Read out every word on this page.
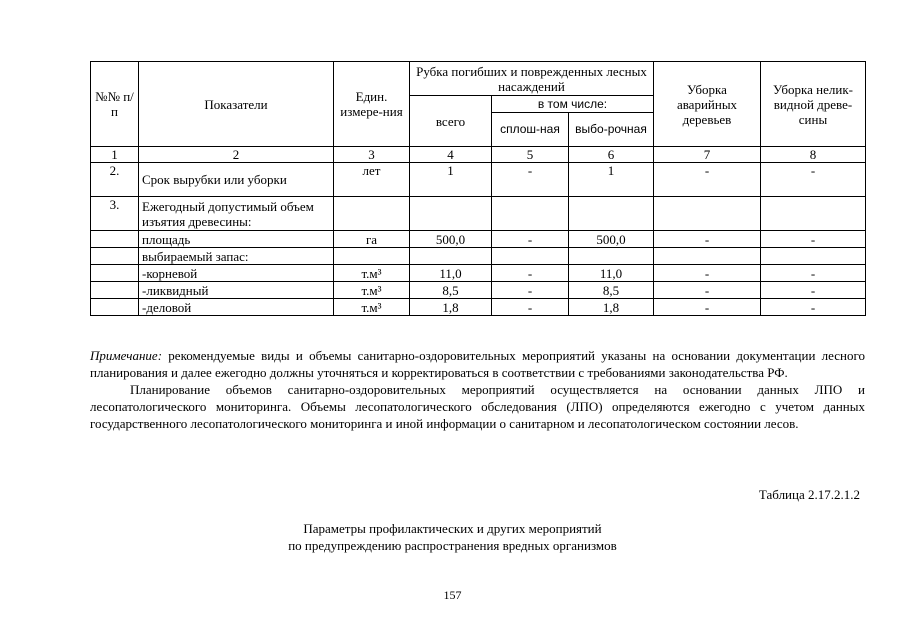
№№ п/п	Показатели	Един. измере-ния	Рубка погибших и поврежденных лесных насаждений			Уборка аварийных деревьев	Уборка нелик-видной древе-сины
			всего	в том числе:			
				сплош-ная	выбо-рочная		
1	2	3	4	5	6	7	8
2.	Срок вырубки или уборки	лет	1	-	1	-	-
3.	Ежегодный допустимый объем изъятия древесины:						
	площадь	га	500,0	-	500,0	-	-
	выбираемый запас:						
	-корневой	т.м³	11,0	-	11,0	-	-
	-ликвидный	т.м³	8,5	-	8,5	-	-
	-деловой	т.м³	1,8	-	1,8	-	-

Примечание: рекомендуемые виды и объемы санитарно-оздоровительных мероприятий указаны на основании документации лесного планирования и далее ежегодно должны уточняться и корректироваться в соответствии с требованиями законодательства РФ.

Планирование объемов санитарно-оздоровительных мероприятий осуществляется на основании данных ЛПО и лесопатологического мониторинга. Объемы лесопатологического обследования (ЛПО) определяются ежегодно с учетом данных государственного лесопатологического мониторинга и иной информации о санитарном и лесопатологическом состоянии лесов.

Таблица 2.17.2.1.2
Параметры профилактических и других мероприятий
по предупреждению распространения вредных организмов
157
